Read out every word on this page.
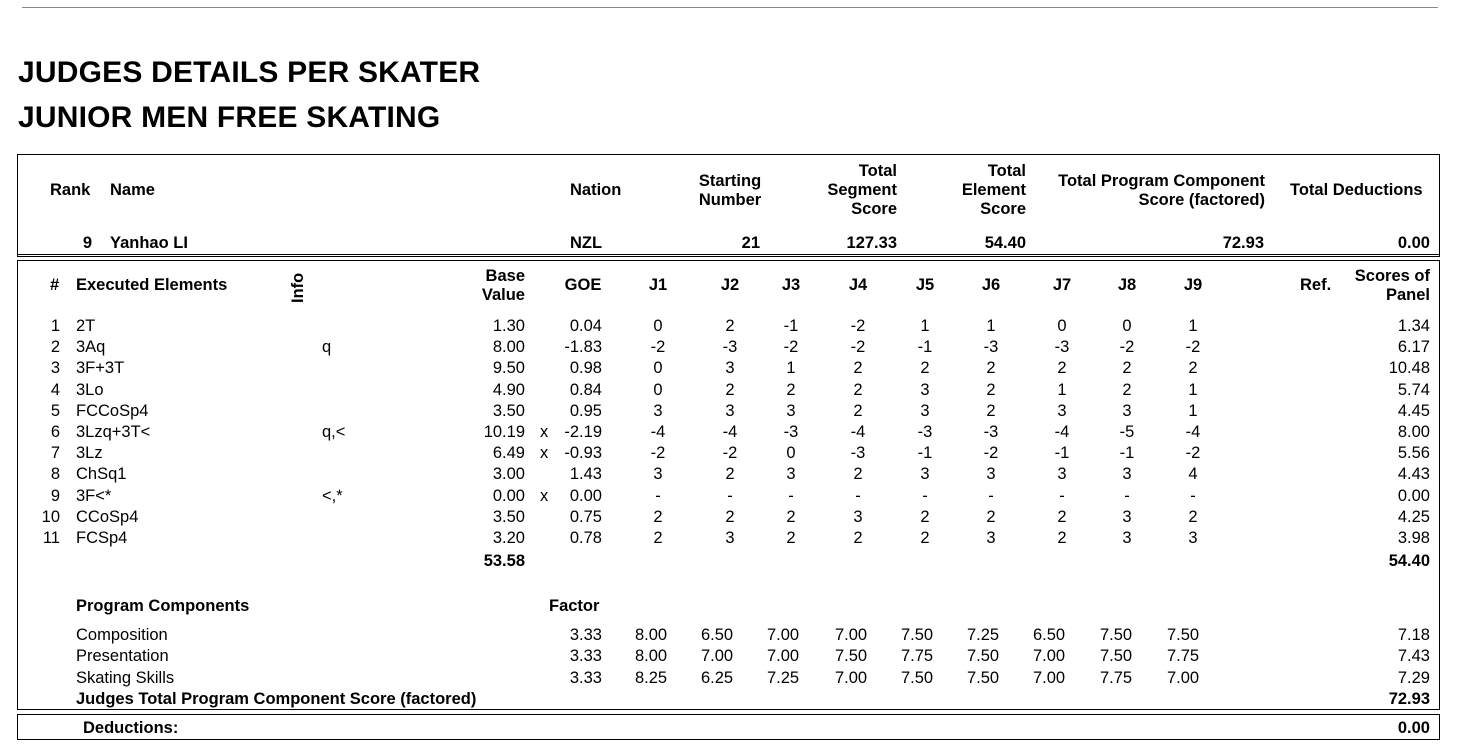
JUDGES DETAILS PER SKATER
JUNIOR MEN FREE SKATING
Rank Name	Nation	Starting
Number
Total
Segment
Score
Total
Element
Score
Total Program Component
Score (factored)
Total Deductions
9 Yanhao LI	NZL	21	127.33	54.40	72.93	0.00
# Executed Elements	Info	Base
Value
GOE	J1	J2	J3	J4	J5	J6	J7	J8	J9	Ref.	Scores of
Panel
1 2T	1.30	0.04	0	2	-1	-2	1	1	0	0	1	1.34
2 3Aq	q	8.00	-1.83	-2	-3	-2	-2	-1	-3	-3	-2	-2	6.17
3 3F+3T	9.50	0.98	0	3	1	2	2	2	2	2	2	10.48
4 3Lo	4.90	0.84	0	2	2	2	3	2	1	2	1	5.74
5 FCCoSp4	3.50	0.95	3	3	3	2	3	2	3	3	1	4.45
6 3Lzq+3T<	q,<	10.19 x -2.19	-4	-4	-3	-4	-3	-3	-4	-5	-4	8.00
7 3Lz	6.49 x -0.93	-2	-2	0	-3	-1	-2	-1	-1	-2	5.56
8 ChSq1	3.00	1.43	3	2	3	2	3	3	3	3	4	4.43
9 3F<*	<,*	0.00 x	0.00	-	-	-	-	-	-	-	-	-	0.00
10 CCoSp4	3.50	0.75	2	2	2	3	2	2	2	3	2	4.25
11 FCSp4	3.20	0.78	2	3	2	2	2	3	2	3	3	3.98
53.58	54.40
Program Components	Factor
Composition	3.33	8.00	6.50	7.00	7.00	7.50	7.25	6.50	7.50	7.50	7.18
Presentation	3.33	8.00	7.00	7.00	7.50	7.75	7.50	7.00	7.50	7.75	7.43
Skating Skills	3.33	8.25	6.25	7.25	7.00	7.50	7.50	7.00	7.75	7.00	7.29
Judges Total Program Component Score (factored)	72.93
Deductions:	0.00
